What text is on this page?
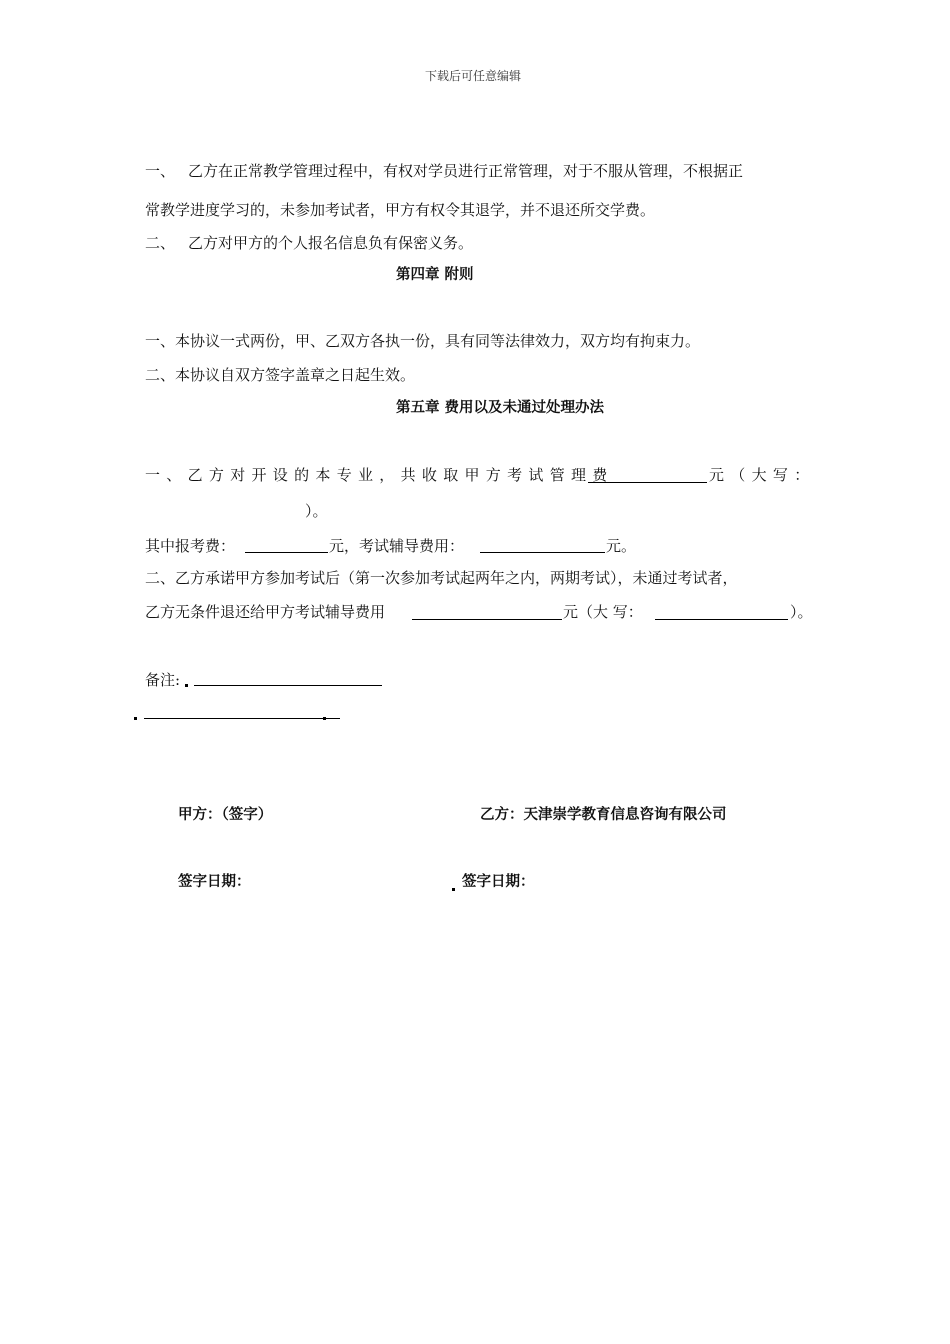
下载后可任意编辑
一、 乙方在正常教学管理过程中，有权对学员进行正常管理，对于不服从管理，不根据正
常教学进度学习的，未参加考试者，甲方有权令其退学，并不退还所交学费。
二、 乙方对甲方的个人报名信息负有保密义务。
第四章 附则
一、本协议一式两份，甲、乙双方各执一份，具有同等法律效力，双方均有拘束力。
二、本协议自双方签字盖章之日起生效。
第五章 费用以及未通过处理办法
一、乙方对开设的本专业，共收取甲方考试管理费	元（大写：
）。
其中报考费：	元，考试辅导费用：	元。
二、乙方承诺甲方参加考试后（第一次参加考试起两年之内，两期考试），未通过考试者，
乙方无条件退还给甲方考试辅导费用	元（大 写：	）。
备注:
甲方：（签字）	乙方：天津崇学教育信息咨询有限公司
签字日期：	签字日期：
